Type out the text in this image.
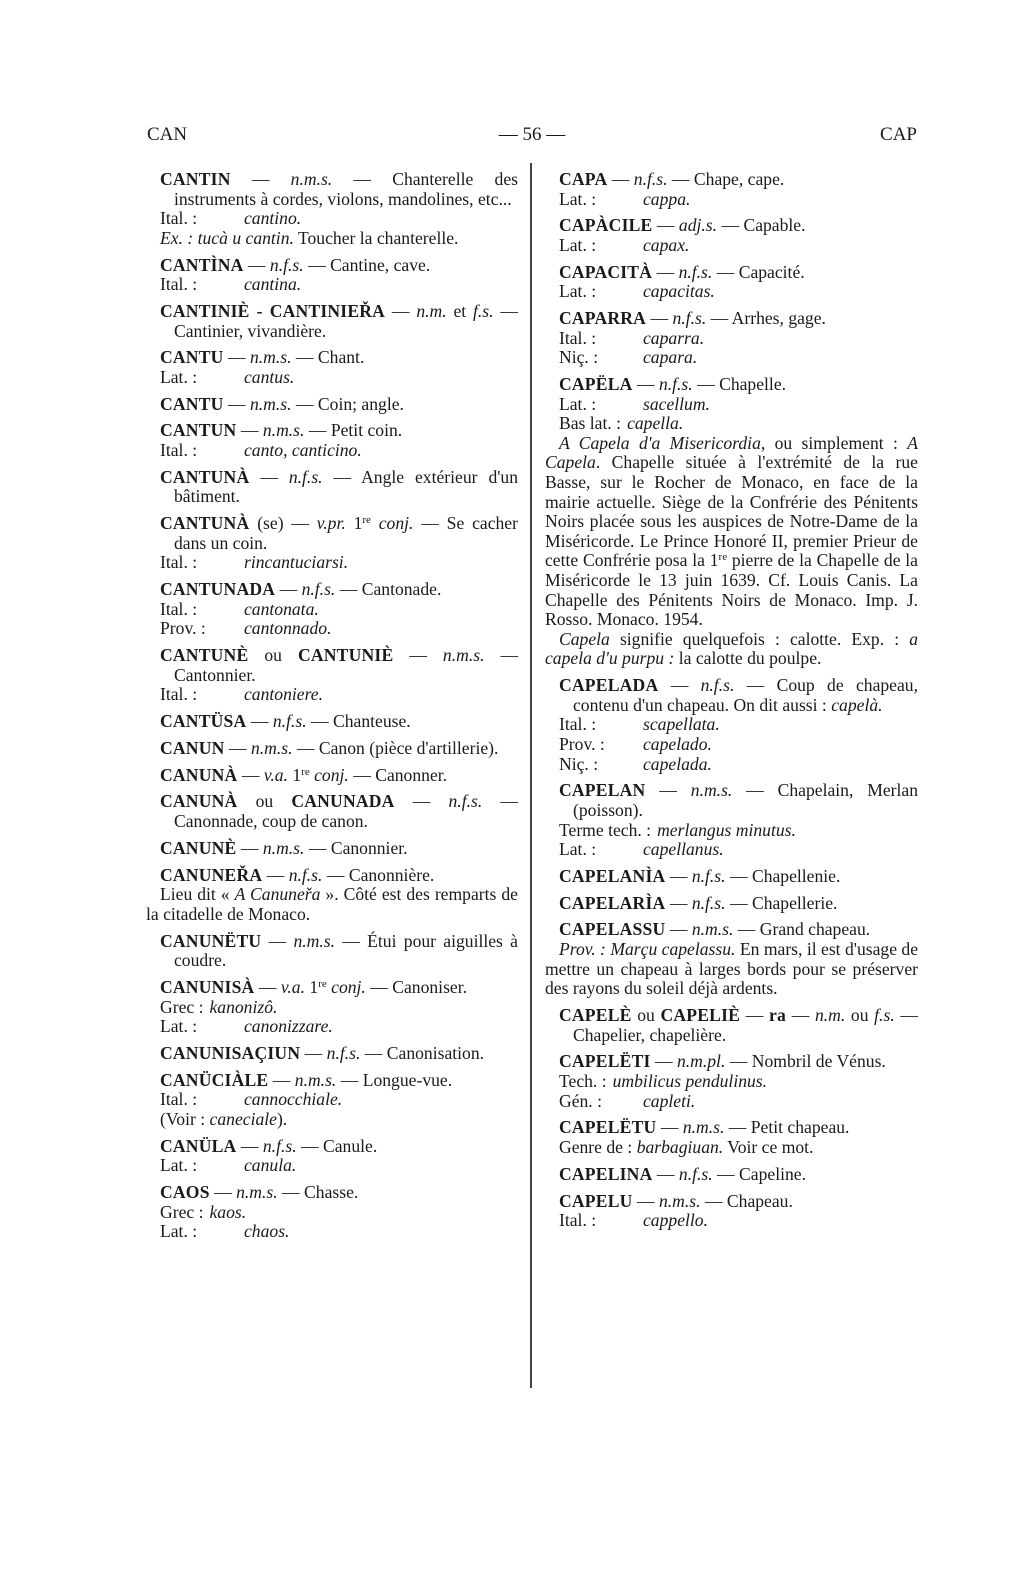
CAN	— 56 —	CAP
CANTIN — n.m.s. — Chanterelle des instruments à cordes, violons, mandolines, etc...
Ital. :	cantino.
Ex. : tucà u cantin. Toucher la chanterelle.
CANTÌNA — n.f.s. — Cantine, cave.
Ital. :	cantina.
CANTINIÈ - CANTINIEŘA — n.m. et f.s. — Cantinier, vivandière.
CANTU — n.m.s. — Chant.
Lat. :	cantus.
CANTU — n.m.s. — Coin; angle.
CANTUN — n.m.s. — Petit coin.
Ital. :	canto, canticino.
CANTUNÀ — n.f.s. — Angle extérieur d'un bâtiment.
CANTUNÀ (se) — v.pr. 1re conj. — Se cacher dans un coin.
Ital. :	rincantuciarsi.
CANTUNADA — n.f.s. — Cantonade.
Ital. :	cantonata.
Prov. : cantonnado.
CANTUNÈ ou CANTUNIÈ — n.m.s. — Cantonnier.
Ital. :	cantoniere.
CANTÜSA — n.f.s. — Chanteuse.
CANUN — n.m.s. — Canon (pièce d'artillerie).
CANUNÀ — v.a. 1re conj. — Canonner.
CANUNÀ ou CANUNADA — n.f.s. — Canonnade, coup de canon.
CANUNÈ — n.m.s. — Canonnier.
CANUNEŘA — n.f.s. — Canonnière.
Lieu dit « A Canuneřa ». Côté est des remparts de la citadelle de Monaco.
CANUNËTU — n.m.s. — Étui pour aiguilles à coudre.
CANUNISÀ — v.a. 1re conj. — Canoniser.
Grec : kanonizô.
Lat. :	canonizzare.
CANUNISAÇIUN — n.f.s. — Canonisation.
CANÜCIÀLE — n.m.s. — Longue-vue.
Ital. :	cannocchiale.
(Voir : caneciale).
CANÜLA — n.f.s. — Canule.
Lat. :	canula.
CAOS — n.m.s. — Chasse.
Grec : kaos.
Lat. :	chaos.
CAPA — n.f.s. — Chape, cape.
Lat. :	cappa.
CAPÀCILE — adj.s. — Capable.
Lat. :	capax.
CAPACITÀ — n.f.s. — Capacité.
Lat. :	capacitas.
CAPARRA — n.f.s. — Arrhes, gage.
Ital. :	caparra.
Niç. :	capara.
CAPËLA — n.f.s. — Chapelle.
Lat. :	sacellum.
Bas lat. : capella.
A Capela d'a Misericordia, ou simplement : A Capela. Chapelle située à l'extrémité de la rue Basse, sur le Rocher de Monaco, en face de la mairie actuelle. Siège de la Confrérie des Pénitents Noirs placée sous les auspices de Notre-Dame de la Miséricorde. Le Prince Honoré II, premier Prieur de cette Confrérie posa la 1re pierre de la Chapelle de la Miséricorde le 13 juin 1639. Cf. Louis Canis. La Chapelle des Pénitents Noirs de Monaco. Imp. J. Rosso. Monaco. 1954.
Capela signifie quelquefois : calotte. Exp. : a capela d'u purpu : la calotte du poulpe.
CAPELADA — n.f.s. — Coup de chapeau, contenu d'un chapeau. On dit aussi : capelà.
Ital. :	scapellata.
Prov. : capelado.
Niç. :	capelada.
CAPELAN — n.m.s. — Chapelain, Merlan (poisson).
Terme tech. : merlangus minutus.
Lat. :	capellanus.
CAPELANÌA — n.f.s. — Chapellenie.
CAPELARÌA — n.f.s. — Chapellerie.
CAPELASSU — n.m.s. — Grand chapeau.
Prov. : Marçu capelassu. En mars, il est d'usage de mettre un chapeau à larges bords pour se préserver des rayons du soleil déjà ardents.
CAPELÈ ou CAPELIÈ — ra — n.m. ou f.s. — Chapelier, chapelière.
CAPELËTI — n.m.pl. — Nombril de Vénus.
Tech. : umbilicus pendulinus.
Gén. : capleti.
CAPELËTU — n.m.s. — Petit chapeau.
Genre de : barbagiuan. Voir ce mot.
CAPELINA — n.f.s. — Capeline.
CAPELU — n.m.s. — Chapeau.
Ital. :	cappello.
